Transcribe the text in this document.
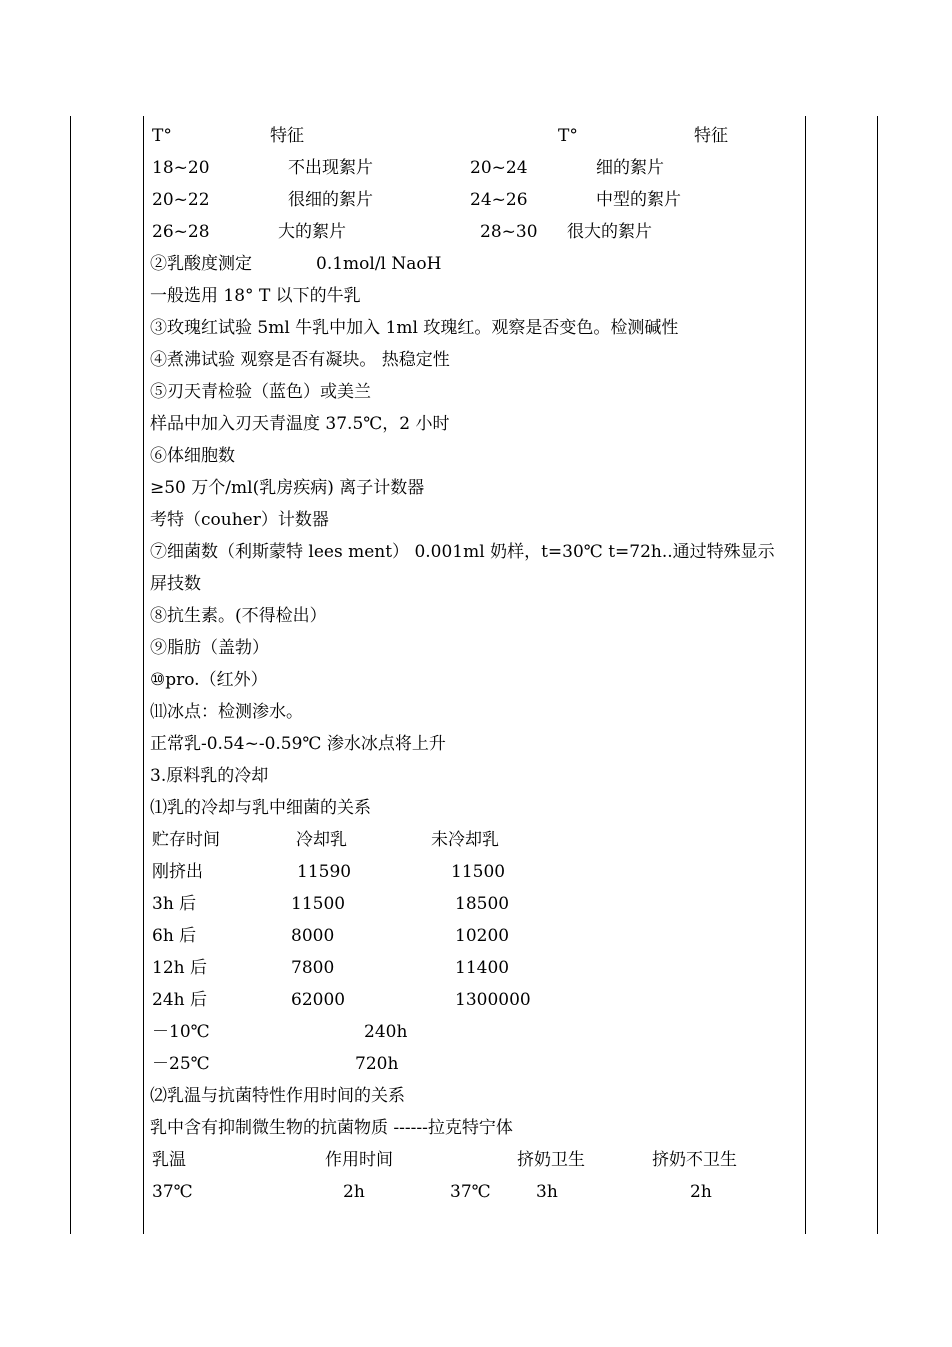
T°	特征	T°	特征
18~20	不出现絮片	20~24	细的絮片
20~22	很细的絮片	24~26	中型的絮片
26~28	大的絮片	28~30 很大的絮片
②乳酸度测定	0.1mol/l NaoH
一般选用 18° T 以下的牛乳
③玫瑰红试验 5ml 牛乳中加入 1ml 玫瑰红。观察是否变色。检测碱性
④煮沸试验 观察是否有凝块。 热稳定性
⑤刃天青检验（蓝色）或美兰
样品中加入刃天青温度 37.5℃，2 小时
⑥体细胞数
≥50 万个/ml(乳房疾病) 离子计数器
考特（couher）计数器
⑦细菌数（利斯蒙特 lees ment） 0.001ml 奶样，t=30℃ t=72h..通过特殊显示
屏技数
⑧抗生素。(不得检出）
⑨脂肪（盖勃）
⑩pro.（红外）
⑾冰点：检测渗水。
正常乳-0.54~-0.59℃ 渗水冰点将上升
3.原料乳的冷却
⑴乳的冷却与乳中细菌的关系
贮存时间	冷却乳	未冷却乳
刚挤出	11590	11500
3h 后	11500	18500
6h 后	8000	10200
12h 后	7800	11400
24h 后	62000	1300000
－10℃	240h
－25℃	720h
⑵乳温与抗菌特性作用时间的关系
乳中含有抑制微生物的抗菌物质 ------拉克特宁体
乳温	作用时间	挤奶卫生	挤奶不卫生
37℃	2h	37℃	3h	2h
